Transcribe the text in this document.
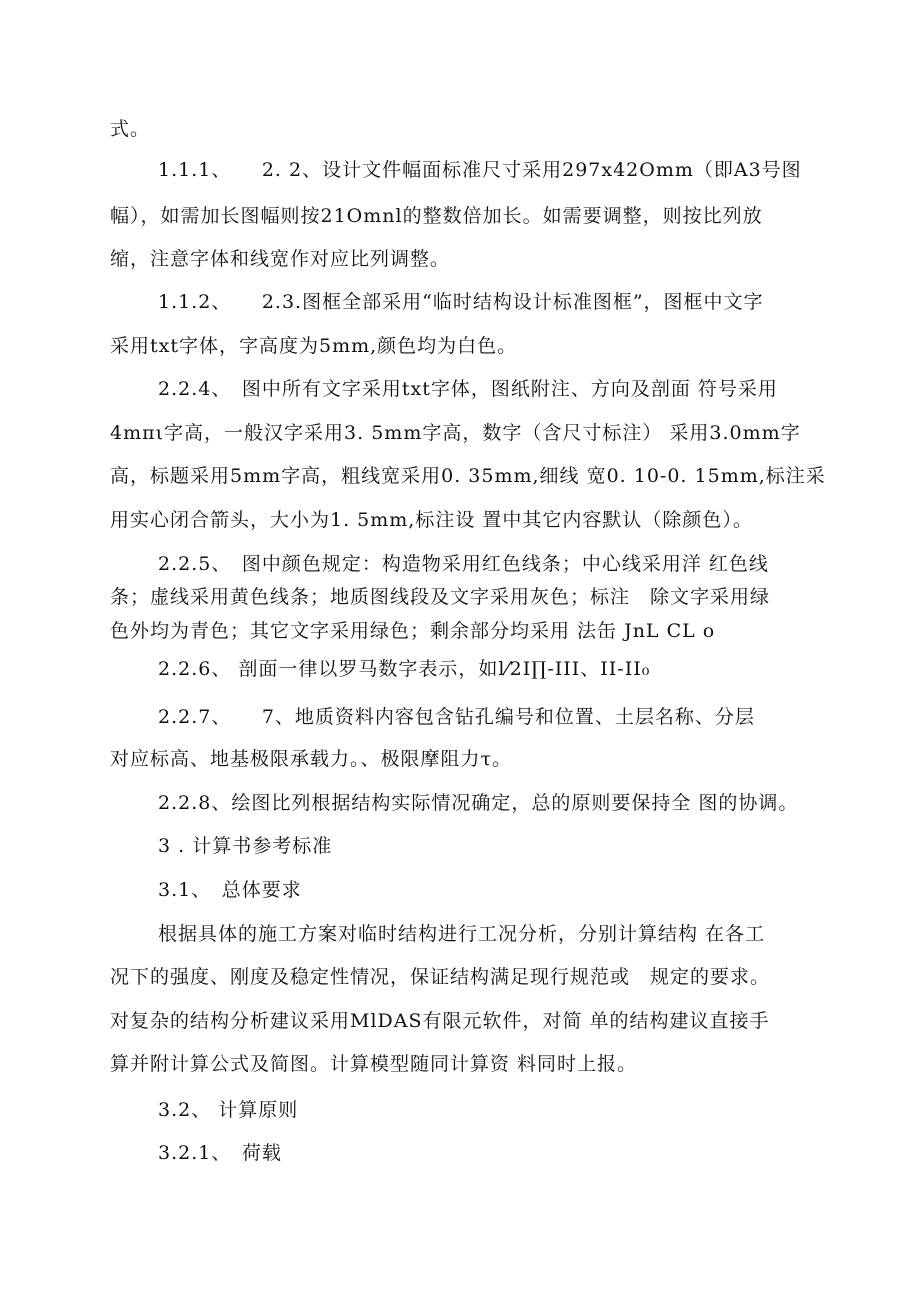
式。
1.1.1、　　2. 2、设计文件幅面标准尺寸采用297x42Omm（即A3号图
幅），如需加长图幅则按21Omnl的整数倍加长。如需要调整，则按比列放
缩，注意字体和线宽作对应比列调整。
1.1.2、　　2.3.图框全部采用“临时结构设计标准图框”，图框中文字
采用txt字体，字高度为5mm,颜色均为白色。
2.2.4、　图中所有文字采用txt字体，图纸附注、方向及剖面 符号采用
4mπι字高，一般汉字采用3. 5mm字高，数字（含尺寸标注） 采用3.0mm字
高，标题采用5mm字高，粗线宽采用0. 35mm,细线 宽0. 10-0. 15mm,标注采
用实心闭合箭头，大小为1. 5mm,标注设 置中其它内容默认（除颜色）。
2.2.5、　图中颜色规定：构造物采用红色线条；中心线采用洋 红色线
条；虚线采用黄色线条；地质图线段及文字采用灰色；标注　除文字采用绿
色外均为青色；其它文字采用绿色；剩余部分均采用 法缶 JnL CL o
2.2.6、 剖面一律以罗马数字表示，如l⁄2I∏-III、II-II₀
2.2.7、　　7、地质资料内容包含钻孔编号和位置、土层名称、分层
对应标高、地基极限承载力。、极限摩阻力τ。
2.2.8、绘图比列根据结构实际情况确定，总的原则要保持全 图的协调。
3 . 计算书参考标准
3.1、　总体要求
根据具体的施工方案对临时结构进行工况分析，分别计算结构 在各工
况下的强度、刚度及稳定性情况，保证结构满足现行规范或　规定的要求。
对复杂的结构分析建议采用MlDAS有限元软件，对简 单的结构建议直接手
算并附计算公式及简图。计算模型随同计算资 料同时上报。
3.2、 计算原则
3.2.1、　荷载
